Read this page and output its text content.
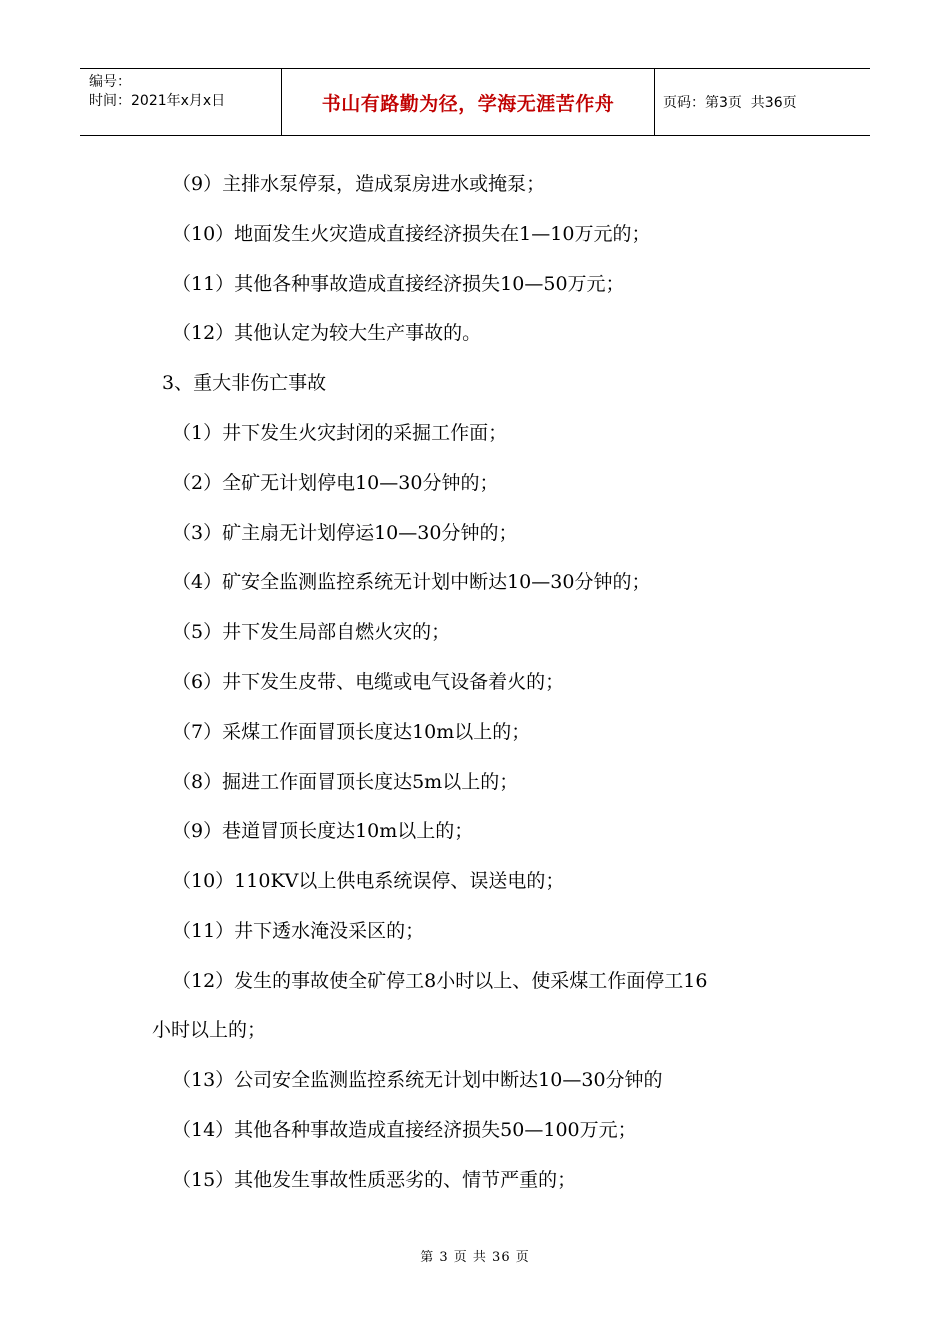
编号：
时间：2021年x月x日	书山有路勤为径，学海无涯苦作舟	页码：第3页  共36页
（9）主排水泵停泵，造成泵房进水或掩泵；
（10）地面发生火灾造成直接经济损失在1—10万元的；
（11）其他各种事故造成直接经济损失10—50万元；
（12）其他认定为较大生产事故的。
3、重大非伤亡事故
（1）井下发生火灾封闭的采掘工作面；
（2）全矿无计划停电10—30分钟的；
（3）矿主扇无计划停运10—30分钟的；
（4）矿安全监测监控系统无计划中断达10—30分钟的；
（5）井下发生局部自燃火灾的；
（6）井下发生皮带、电缆或电气设备着火的；
（7）采煤工作面冒顶长度达10m以上的；
（8）掘进工作面冒顶长度达5m以上的；
（9）巷道冒顶长度达10m以上的；
（10）110KV以上供电系统误停、误送电的；
（11）井下透水淹没采区的；
（12）发生的事故使全矿停工8小时以上、使采煤工作面停工16
小时以上的；
（13）公司安全监测监控系统无计划中断达10—30分钟的
（14）其他各种事故造成直接经济损失50—100万元；
（15）其他发生事故性质恶劣的、情节严重的；
第 3 页 共 36 页
